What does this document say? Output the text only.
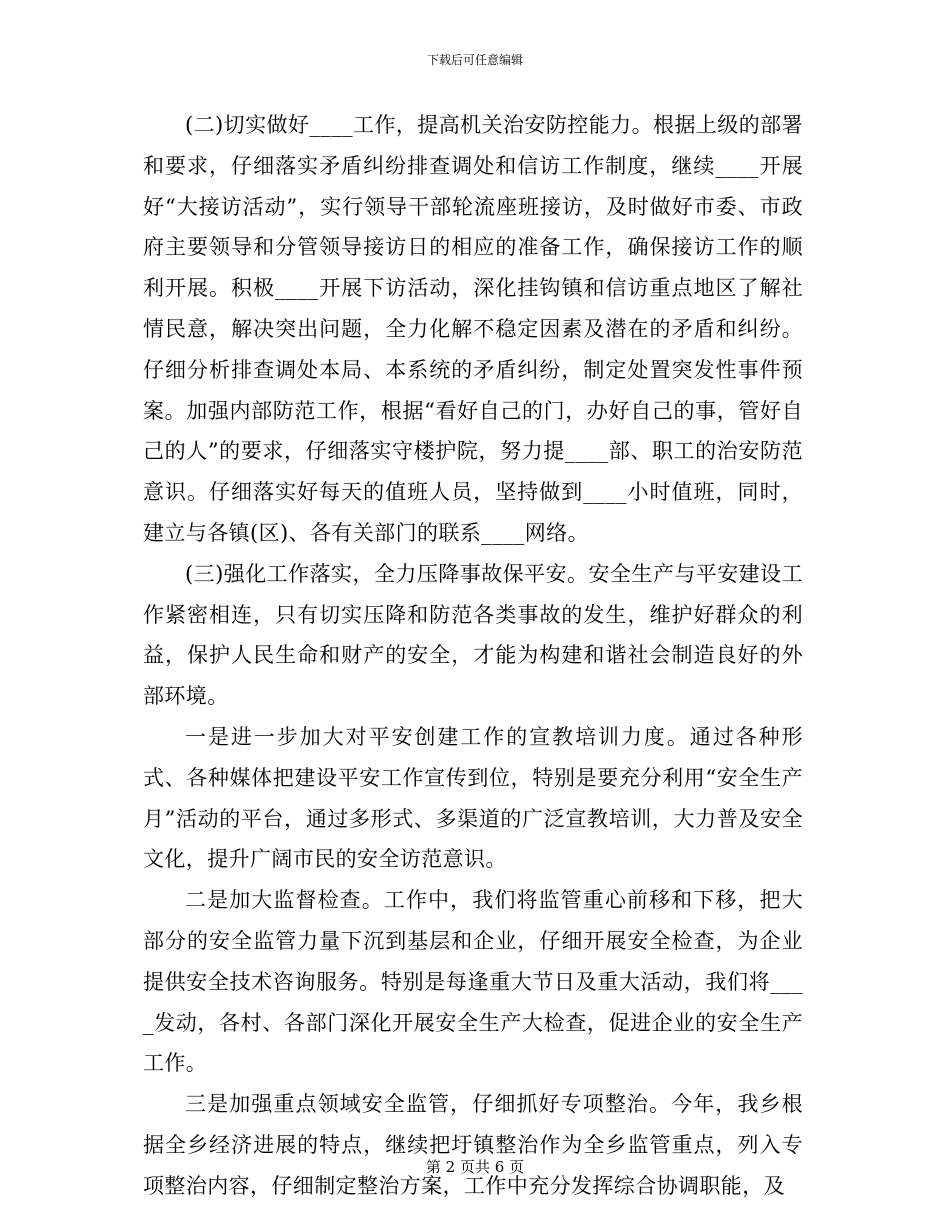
下载后可任意编辑

(二)切实做好____工作，提高机关治安防控能力。根据上级的部署和要求，仔细落实矛盾纠纷排查调处和信访工作制度，继续____开展好“大接访活动”，实行领导干部轮流座班接访，及时做好市委、市政府主要领导和分管领导接访日的相应的准备工作，确保接访工作的顺利开展。积极____开展下访活动，深化挂钩镇和信访重点地区了解社情民意，解决突出问题，全力化解不稳定因素及潜在的矛盾和纠纷。仔细分析排查调处本局、本系统的矛盾纠纷，制定处置突发性事件预案。加强内部防范工作，根据“看好自己的门，办好自己的事，管好自己的人”的要求，仔细落实守楼护院，努力提____部、职工的治安防范意识。仔细落实好每天的值班人员，坚持做到____小时值班，同时，建立与各镇(区)、各有关部门的联系____网络。

(三)强化工作落实，全力压降事故保平安。安全生产与平安建设工作紧密相连，只有切实压降和防范各类事故的发生，维护好群众的利益，保护人民生命和财产的安全，才能为构建和谐社会制造良好的外部环境。

一是进一步加大对平安创建工作的宣教培训力度。通过各种形式、各种媒体把建设平安工作宣传到位，特别是要充分利用“安全生产月”活动的平台，通过多形式、多渠道的广泛宣教培训，大力普及安全文化，提升广阔市民的安全访范意识。

二是加大监督检查。工作中，我们将监管重心前移和下移，把大部分的安全监管力量下沉到基层和企业，仔细开展安全检查，为企业提供安全技术咨询服务。特别是每逢重大节日及重大活动，我们将____发动，各村、各部门深化开展安全生产大检查，促进企业的安全生产工作。

三是加强重点领域安全监管，仔细抓好专项整治。今年，我乡根据全乡经济进展的特点，继续把圩镇整治作为全乡监管重点，列入专项整治内容，仔细制定整治方案，工作中充分发挥综合协调职能，及

第 2 页共 6 页
